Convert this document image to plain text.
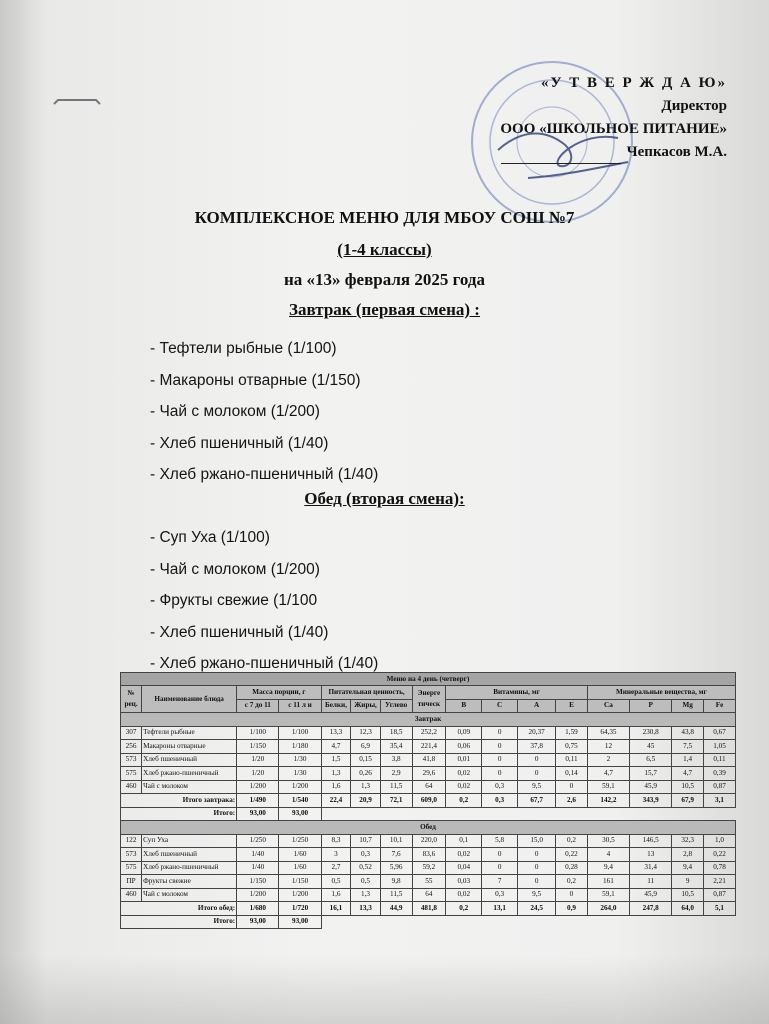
«У Т В Е Р Ж Д А Ю»
Директор
ООО «ШКОЛЬНОЕ ПИТАНИЕ»
Чепкасов М.А.
КОМПЛЕКСНОЕ МЕНЮ ДЛЯ МБОУ СОШ №7
(1-4 классы)
на «13» февраля 2025 года
Завтрак (первая смена) :
- Тефтели рыбные (1/100)
- Макароны отварные (1/150)
- Чай с молоком (1/200)
- Хлеб пшеничный (1/40)
- Хлеб ржано-пшеничный (1/40)
Обед (вторая смена):
- Суп Уха (1/100)
- Чай с молоком (1/200)
- Фрукты свежие (1/100
- Хлеб пшеничный (1/40)
- Хлеб ржано-пшеничный (1/40)
Меню на 4 день (четверг)															
№ рец.	Наименование блюда	Масса порции, г		Питательная ценность,			Энерге тическ	Витамины, мг				Минеральные вещества, мг			
		с 7 до 11	с 11 л и	Белки,	Жиры,	Углево		B	C	A	E	Ca	P	Mg	Fe
Завтрак															
307	Тефтели рыбные	1/100	1/100	13,3	12,3	18,5	252,2	0,09	0	20,37	1,59	64,35	230,8	43,8	0,67
256	Макароны отварные	1/150	1/180	4,7	6,9	35,4	221,4	0,06	0	37,8	0,75	12	45	7,5	1,05
573	Хлеб пшеничный	1/20	1/30	1,5	0,15	3,8	41,8	0,01	0	0	0,11	2	6,5	1,4	0,11
575	Хлеб ржано-пшеничный	1/20	1/30	1,3	0,26	2,9	29,6	0,02	0	0	0,14	4,7	15,7	4,7	0,39
460	Чай с молоком	1/200	1/200	1,6	1,3	11,5	64	0,02	0,3	9,5	0	59,1	45,9	10,5	0,87
Итого завтрака:		1/490	1/540	22,4	20,9	72,1	609,0	0,2	0,3	67,7	2,6	142,2	343,9	67,9	3,1
Итого:		93,00	93,00												
Обед															
122	Суп Уха	1/250	1/250	8,3	10,7	10,1	220,0	0,1	5,8	15,0	0,2	30,5	146,5	32,3	1,0
573	Хлеб пшеничный	1/40	1/60	3	0,3	7,6	83,6	0,02	0	0	0,22	4	13	2,8	0,22
575	Хлеб ржано-пшеничный	1/40	1/60	2,7	0,52	5,96	59,2	0,04	0	0	0,28	9,4	31,4	9,4	0,78
ПР	Фрукты свежие	1/150	1/150	0,5	0,5	9,8	55	0,03	7	0	0,2	161	11	9	2,21
460	Чай с молоком	1/200	1/200	1,6	1,3	11,5	64	0,02	0,3	9,5	0	59,1	45,9	10,5	0,87
Итого обед:		1/680	1/720	16,1	13,3	44,9	481,8	0,2	13,1	24,5	0,9	264,0	247,8	64,0	5,1
Итого:		93,00	93,00												
